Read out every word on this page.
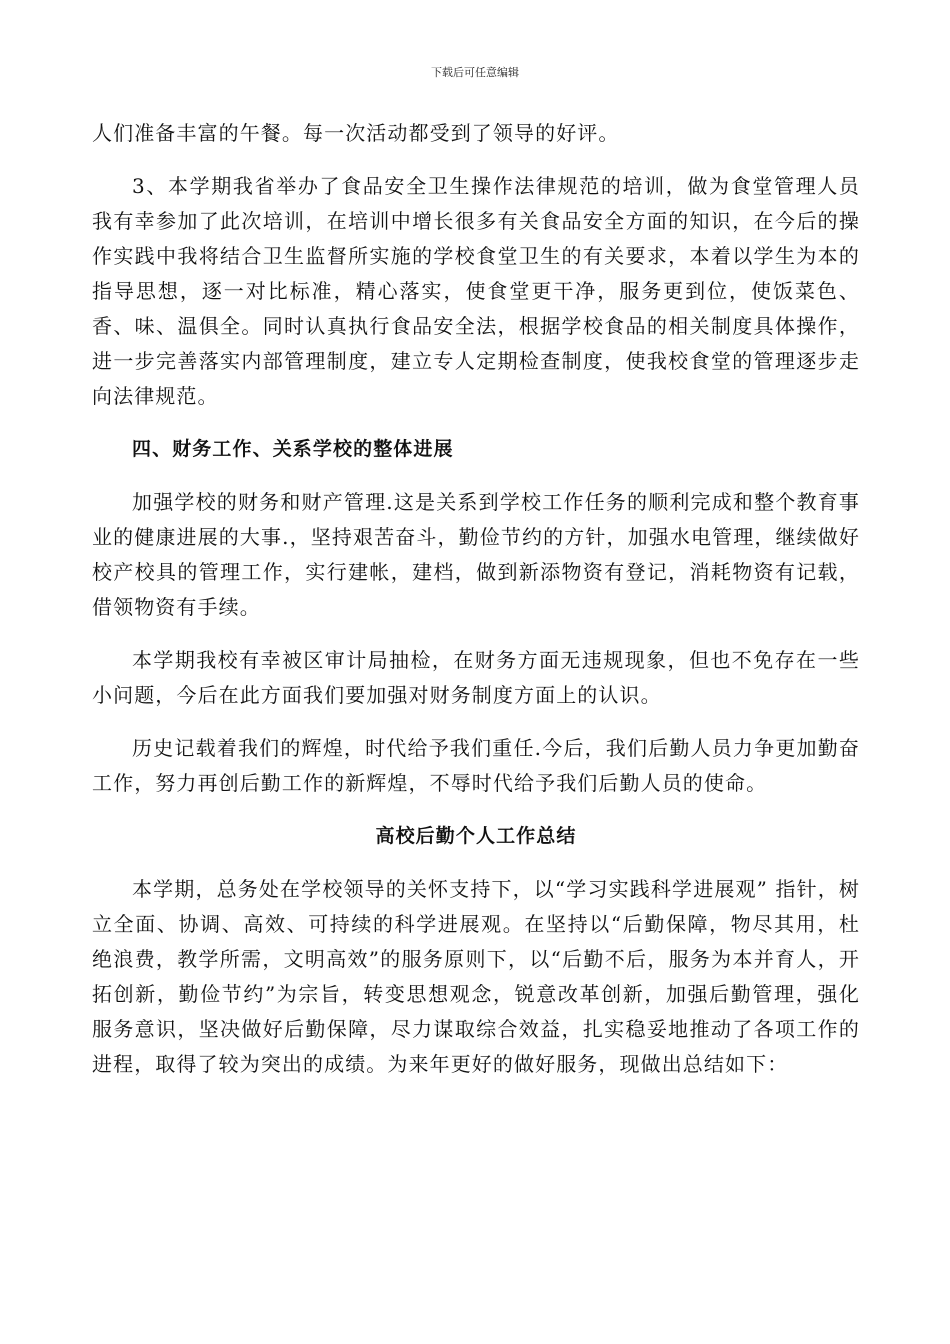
下载后可任意编辑

人们准备丰富的午餐。每一次活动都受到了领导的好评。

3、本学期我省举办了食品安全卫生操作法律规范的培训，做为食堂管理人员我有幸参加了此次培训，在培训中增长很多有关食品安全方面的知识，在今后的操作实践中我将结合卫生监督所实施的学校食堂卫生的有关要求，本着以学生为本的指导思想，逐一对比标准，精心落实，使食堂更干净，服务更到位，使饭菜色、香、味、温俱全。同时认真执行食品安全法，根据学校食品的相关制度具体操作，进一步完善落实内部管理制度，建立专人定期检查制度，使我校食堂的管理逐步走向法律规范。

四、财务工作、关系学校的整体进展

加强学校的财务和财产管理.这是关系到学校工作任务的顺利完成和整个教育事业的健康进展的大事.，坚持艰苦奋斗，勤俭节约的方针，加强水电管理，继续做好校产校具的管理工作，实行建帐，建档，做到新添物资有登记，消耗物资有记载，借领物资有手续。

本学期我校有幸被区审计局抽检，在财务方面无违规现象，但也不免存在一些小问题，今后在此方面我们要加强对财务制度方面上的认识。

历史记载着我们的辉煌，时代给予我们重任.今后，我们后勤人员力争更加勤奋工作，努力再创后勤工作的新辉煌，不辱时代给予我们后勤人员的使命。

高校后勤个人工作总结

本学期，总务处在学校领导的关怀支持下，以“学习实践科学进展观” 指针，树立全面、协调、高效、可持续的科学进展观。在坚持以“后勤保障，物尽其用，杜绝浪费，教学所需，文明高效”的服务原则下，以“后勤不后，服务为本并育人，开拓创新，勤俭节约”为宗旨，转变思想观念，锐意改革创新，加强后勤管理，强化服务意识，坚决做好后勤保障，尽力谋取综合效益，扎实稳妥地推动了各项工作的进程，取得了较为突出的成绩。为来年更好的做好服务，现做出总结如下：
